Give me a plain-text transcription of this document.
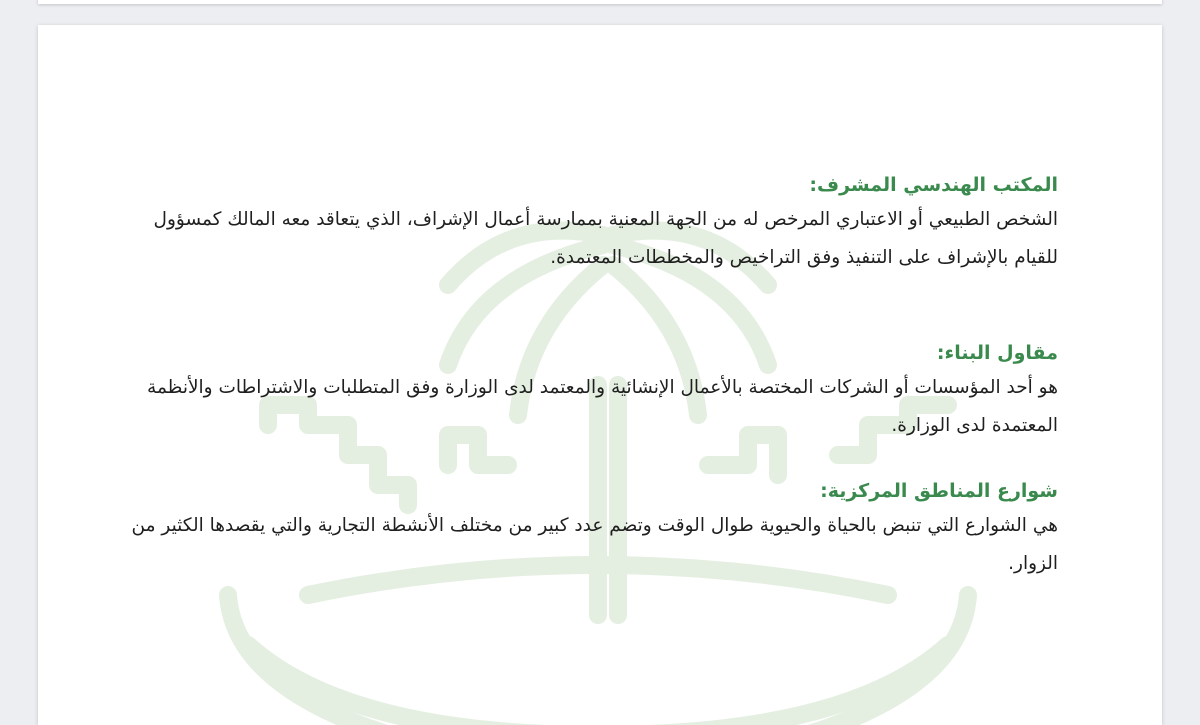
المكتب الهندسي المشرف:

الشخص الطبيعي أو الاعتباري المرخص له من الجهة المعنية بممارسة أعمال الإشراف، الذي يتعاقد معه المالك كمسؤول للقيام بالإشراف على التنفيذ وفق التراخيص والمخططات المعتمدة.

مقاول البناء:

هو أحد المؤسسات أو الشركات المختصة بالأعمال الإنشائية والمعتمد لدى الوزارة وفق المتطلبات والاشتراطات والأنظمة المعتمدة لدى الوزارة.

شوارع المناطق المركزية:

هي الشوارع التي تنبض بالحياة والحيوية طوال الوقت وتضم عدد كبير من مختلف الأنشطة التجارية والتي يقصدها الكثير من الزوار.
